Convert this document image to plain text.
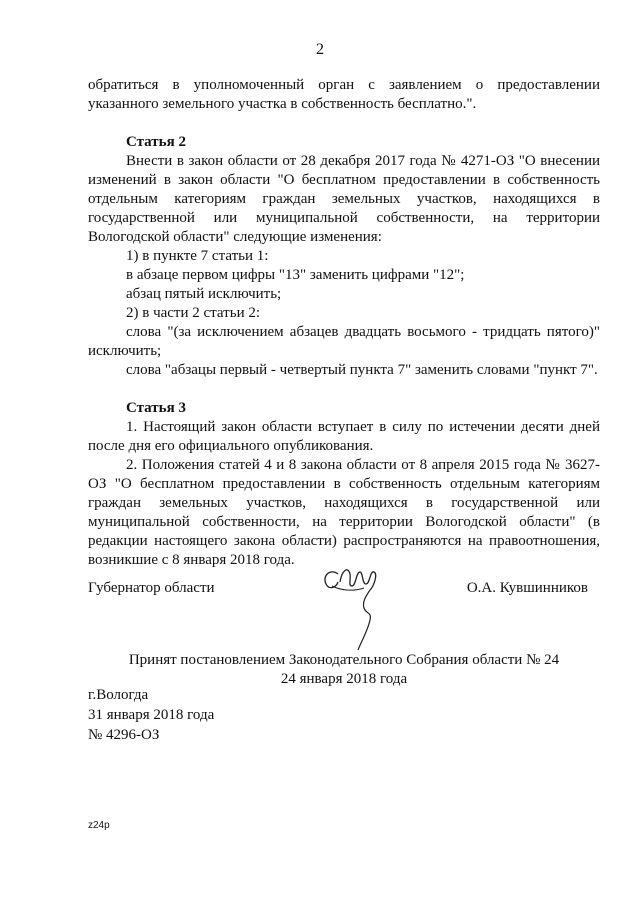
2

обратиться в уполномоченный орган с заявлением о предоставлении указанного земельного участка в собственность бесплатно.".

Статья 2

Внести в закон области от 28 декабря 2017 года № 4271-ОЗ "О внесении изменений в закон области "О бесплатном предоставлении в собственность отдельным категориям граждан земельных участков, находящихся в государственной или муниципальной собственности, на территории Вологодской области" следующие изменения:

1) в пункте 7 статьи 1:

в абзаце первом цифры "13" заменить цифрами "12";

абзац пятый исключить;

2) в части 2 статьи 2:

слова "(за исключением абзацев двадцать восьмого - тридцать пятого)" исключить;

слова "абзацы первый - четвертый пункта 7" заменить словами "пункт 7".

Статья 3

1. Настоящий закон области вступает в силу по истечении десяти дней после дня его официального опубликования.

2. Положения статей 4 и 8 закона области от 8 апреля 2015 года № 3627-ОЗ "О бесплатном предоставлении в собственность отдельным категориям граждан земельных участков, находящихся в государственной или муниципальной собственности, на территории Вологодской области" (в редакции настоящего закона области) распространяются на правоотношения, возникшие с 8 января 2018 года.

Губернатор области	О.А. Кувшинников
Принят постановлением Законодательного Собрания области № 24
24 января 2018 года
г.Вологда
31 января 2018 года
№ 4296-ОЗ
z24p
